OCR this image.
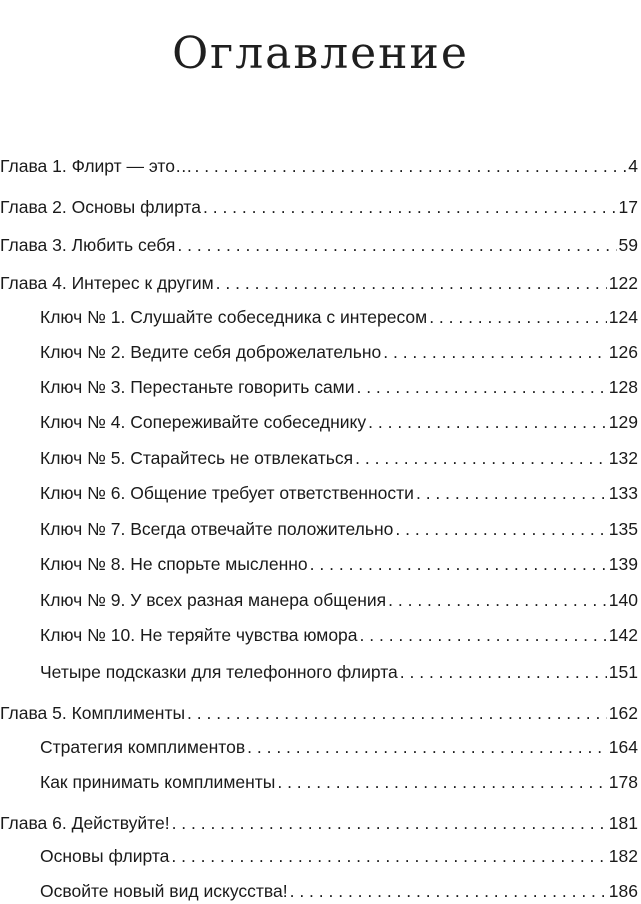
Оглавление
Глава 1. Флирт — это… . . .	4
Глава 2. Основы флирта . . .	17
Глава 3. Любить себя . . .	59
Глава 4. Интерес к другим . . .	122
Ключ № 1. Слушайте собеседника с интересом . . .	124
Ключ № 2. Ведите себя доброжелательно . . .	126
Ключ № 3. Перестаньте говорить сами . . .	128
Ключ № 4. Сопереживайте собеседнику . . .	129
Ключ № 5. Старайтесь не отвлекаться . . .	132
Ключ № 6. Общение требует ответственности . . .	133
Ключ № 7. Всегда отвечайте положительно . . .	135
Ключ № 8. Не спорьте мысленно . . .	139
Ключ № 9. У всех разная манера общения . . .	140
Ключ № 10. Не теряйте чувства юмора . . .	142
Четыре подсказки для телефонного флирта . . .	151
Глава 5. Комплименты . . .	162
Стратегия комплиментов . . .	164
Как принимать комплименты . . .	178
Глава 6. Действуйте! . . .	181
Основы флирта . . .	182
Освойте новый вид искусства! . . .	186
